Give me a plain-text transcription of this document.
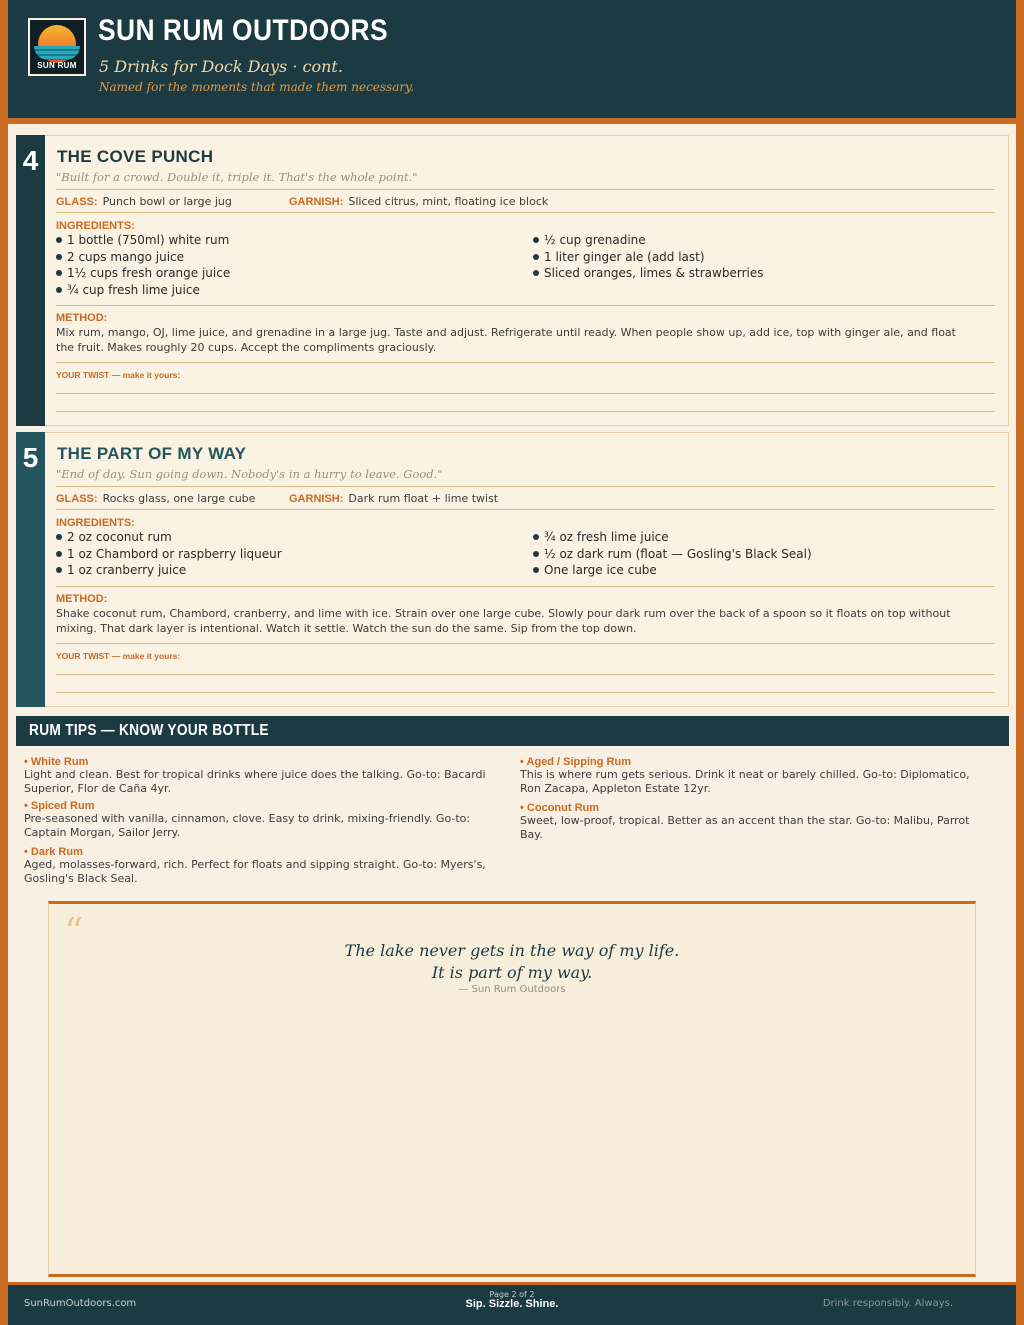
SUN RUM
SUN RUM OUTDOORS
5 Drinks for Dock Days · cont.
Named for the moments that made them necessary.
4	THE COVE PUNCH
"Built for a crowd. Double it, triple it. That's the whole point."
GLASS: Punch bowl or large jug	GARNISH: Sliced citrus, mint, floating ice block
INGREDIENTS:
1 bottle (750ml) white rum
2 cups mango juice
1½ cups fresh orange juice
¾ cup fresh lime juice
½ cup grenadine
1 liter ginger ale (add last)
Sliced oranges, limes & strawberries
METHOD:
Mix rum, mango, OJ, lime juice, and grenadine in a large jug. Taste and adjust. Refrigerate until ready. When people show up, add ice, top with ginger ale, and float the fruit. Makes roughly 20 cups. Accept the compliments graciously.
YOUR TWIST — make it yours:
5	THE PART OF MY WAY
"End of day. Sun going down. Nobody's in a hurry to leave. Good."
GLASS: Rocks glass, one large cube	GARNISH: Dark rum float + lime twist
INGREDIENTS:
2 oz coconut rum
1 oz Chambord or raspberry liqueur
1 oz cranberry juice
¾ oz fresh lime juice
½ oz dark rum (float — Gosling's Black Seal)
One large ice cube
METHOD:
Shake coconut rum, Chambord, cranberry, and lime with ice. Strain over one large cube. Slowly pour dark rum over the back of a spoon so it floats on top without mixing. That dark layer is intentional. Watch it settle. Watch the sun do the same. Sip from the top down.
YOUR TWIST — make it yours:
RUM TIPS — KNOW YOUR BOTTLE
• White Rum
Light and clean. Best for tropical drinks where juice does the talking. Go-to: Bacardi Superior, Flor de Caña 4yr.
• Spiced Rum
Pre-seasoned with vanilla, cinnamon, clove. Easy to drink, mixing-friendly. Go-to: Captain Morgan, Sailor Jerry.
• Dark Rum
Aged, molasses-forward, rich. Perfect for floats and sipping straight. Go-to: Myers's, Gosling's Black Seal.
• Aged / Sipping Rum
This is where rum gets serious. Drink it neat or barely chilled. Go-to: Diplomatico, Ron Zacapa, Appleton Estate 12yr.
• Coconut Rum
Sweet, low-proof, tropical. Better as an accent than the star. Go-to: Malibu, Parrot Bay.
“	The lake never gets in the way of my life.
It is part of my way.
— Sun Rum Outdoors
SunRumOutdoors.com
Page 2 of 2
Sip. Sizzle. Shine.	Drink responsibly. Always.
